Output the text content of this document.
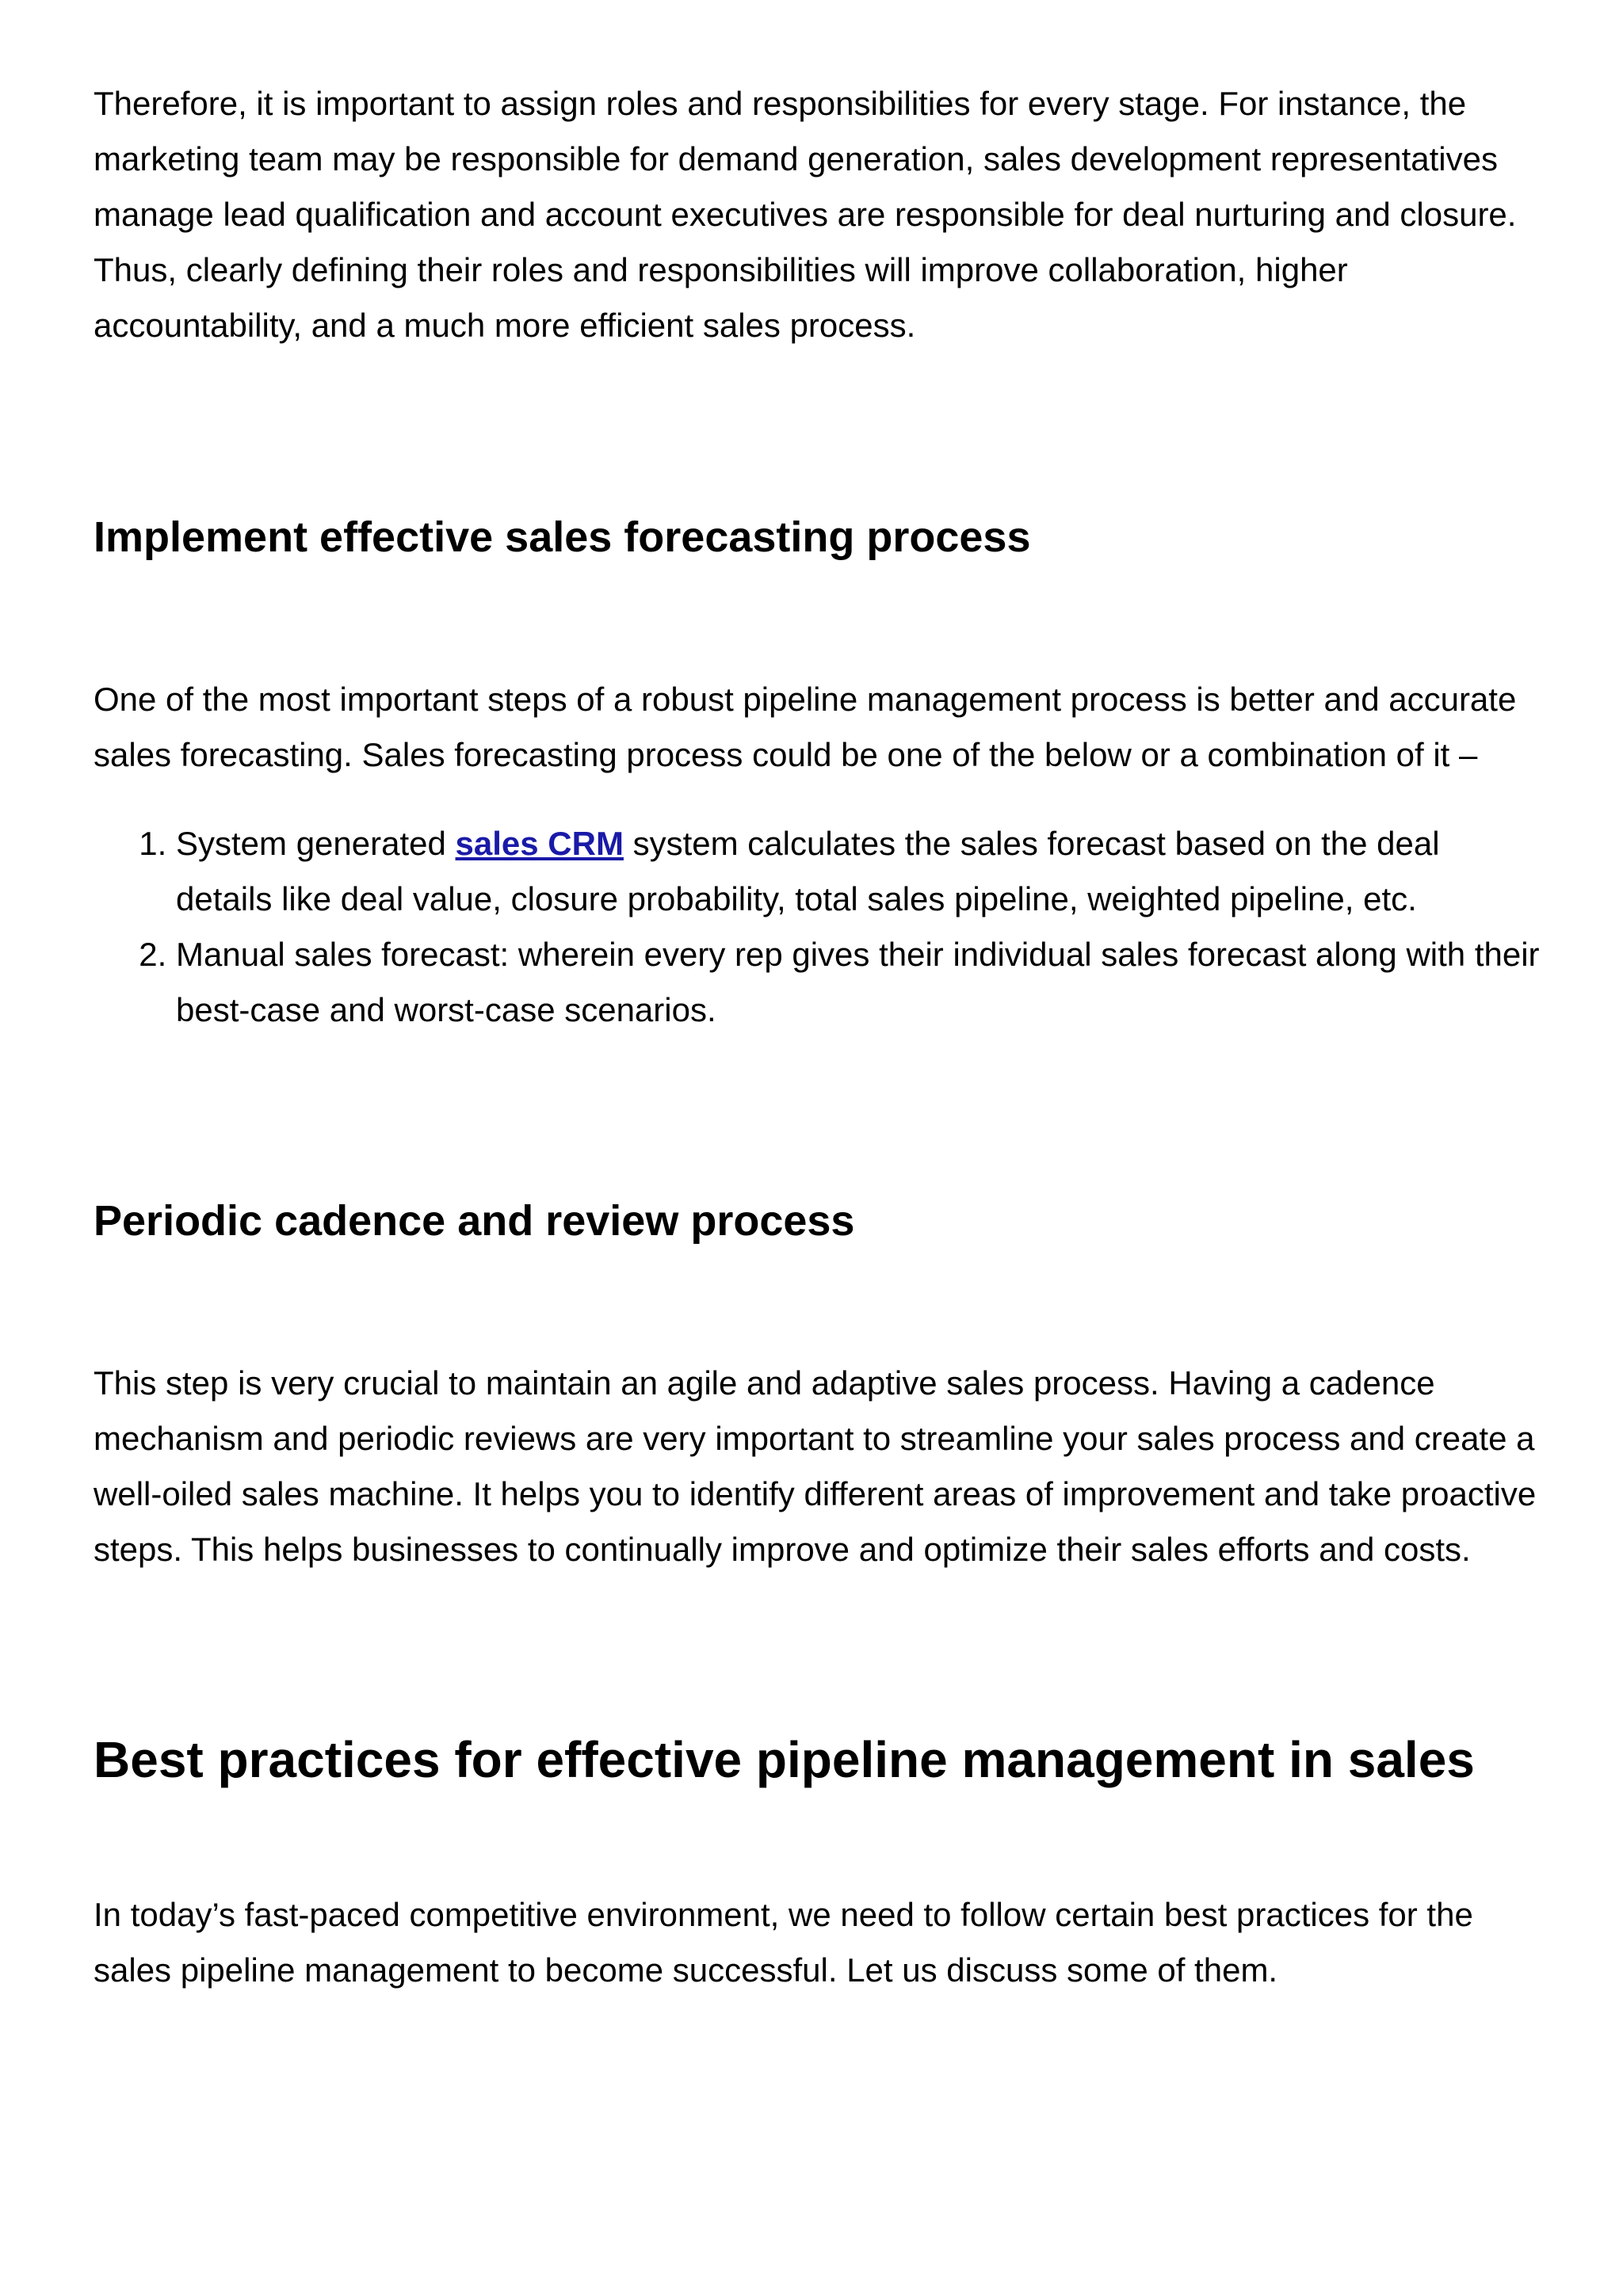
Therefore, it is important to assign roles and responsibilities for every stage. For instance, the marketing team may be responsible for demand generation, sales development representatives manage lead qualification and account executives are responsible for deal nurturing and closure. Thus, clearly defining their roles and responsibilities will improve collaboration, higher accountability, and a much more efficient sales process.

Implement effective sales forecasting process

One of the most important steps of a robust pipeline management process is better and accurate sales forecasting. Sales forecasting process could be one of the below or a combination of it –

1. System generated sales CRM system calculates the sales forecast based on the deal details like deal value, closure probability, total sales pipeline, weighted pipeline, etc.
2. Manual sales forecast: wherein every rep gives their individual sales forecast along with their best-case and worst-case scenarios.
Periodic cadence and review process

This step is very crucial to maintain an agile and adaptive sales process. Having a cadence mechanism and periodic reviews are very important to streamline your sales process and create a well-oiled sales machine. It helps you to identify different areas of improvement and take proactive steps. This helps businesses to continually improve and optimize their sales efforts and costs.

Best practices for effective pipeline management in sales

In today’s fast-paced competitive environment, we need to follow certain best practices for the sales pipeline management to become successful. Let us discuss some of them.
